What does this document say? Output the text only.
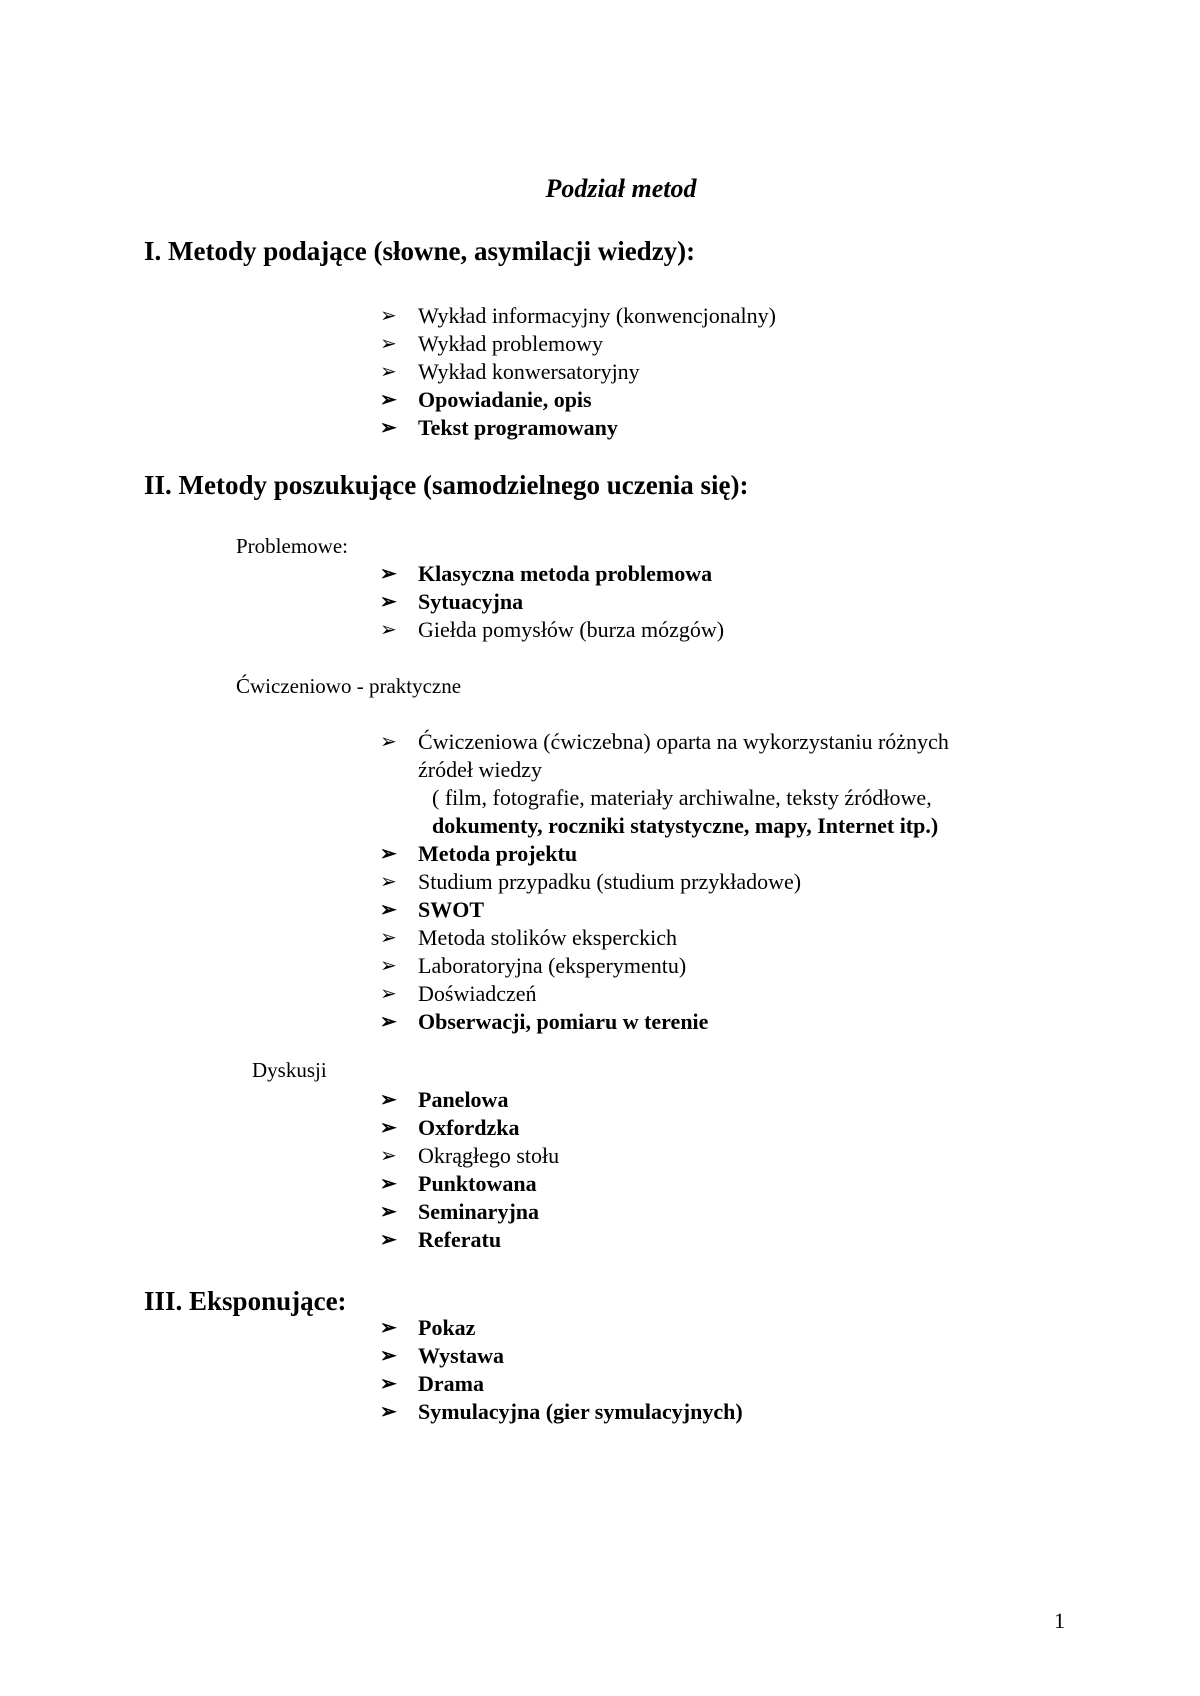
Podział metod
I. Metody podające (słowne, asymilacji wiedzy):
➢ Wykład informacyjny (konwencjonalny)
➢ Wykład problemowy
➢ Wykład konwersatoryjny
➢ Opowiadanie, opis
➢ Tekst programowany
II. Metody poszukujące (samodzielnego uczenia się):
Problemowe:
➢ Klasyczna metoda problemowa
➢ Sytuacyjna
➢ Giełda pomysłów (burza mózgów)
Ćwiczeniowo - praktyczne
➢ Ćwiczeniowa (ćwiczebna) oparta na wykorzystaniu różnych
źródeł wiedzy
( film, fotografie, materiały archiwalne, teksty źródłowe,
dokumenty, roczniki statystyczne, mapy, Internet itp.)
➢ Metoda projektu
➢ Studium przypadku (studium przykładowe)
➢ SWOT
➢ Metoda stolików eksperckich
➢ Laboratoryjna (eksperymentu)
➢ Doświadczeń
➢ Obserwacji, pomiaru w terenie
Dyskusji
➢ Panelowa
➢ Oxfordzka
➢ Okrągłego stołu
➢ Punktowana
➢ Seminaryjna
➢ Referatu
III. Eksponujące:
➢ Pokaz
➢ Wystawa
➢ Drama
➢ Symulacyjna (gier symulacyjnych)
1
